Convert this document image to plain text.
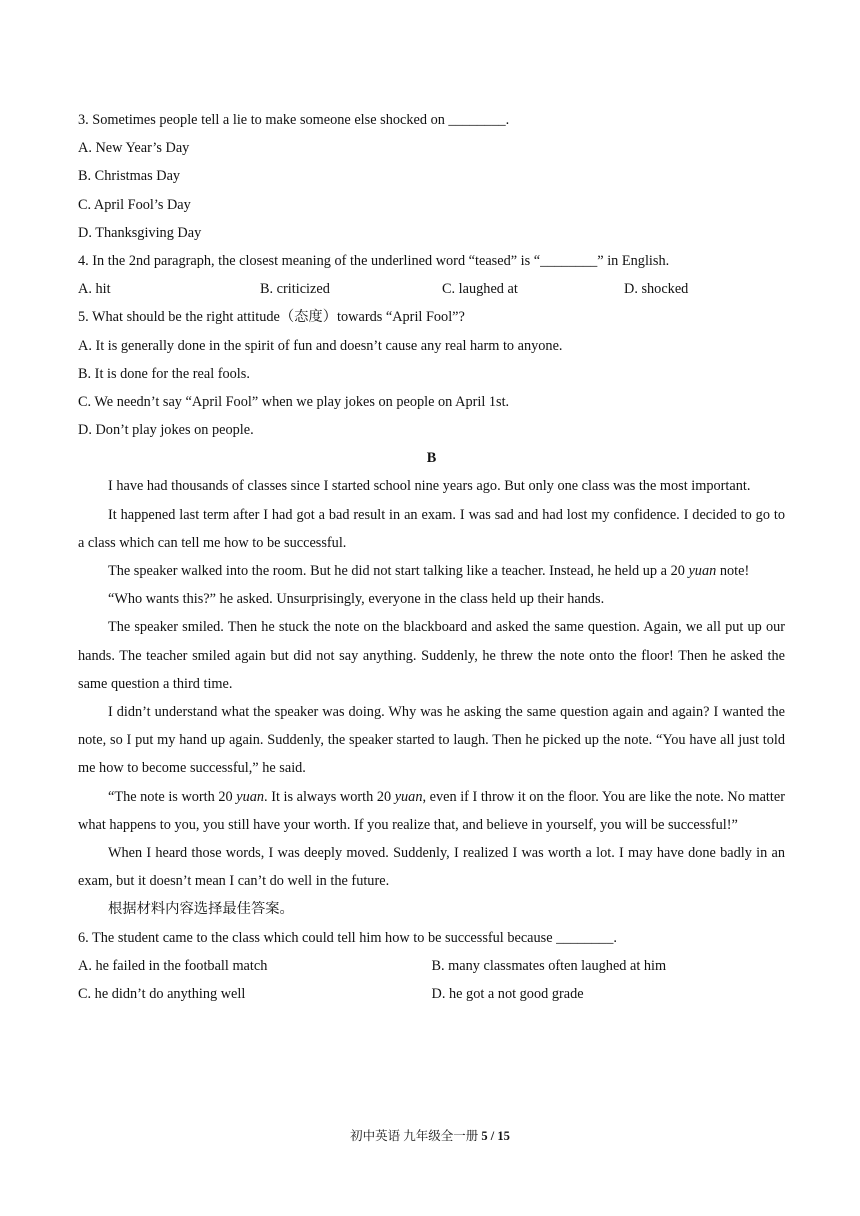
3. Sometimes people tell a lie to make someone else shocked on ________.
A. New Year’s Day
B. Christmas Day
C. April Fool’s Day
D. Thanksgiving Day
4. In the 2nd paragraph, the closest meaning of the underlined word “teased” is “________” in English.
A. hit	B. criticized	C. laughed at	D. shocked
5. What should be the right attitude（态度）towards “April Fool”?
A. It is generally done in the spirit of fun and doesn’t cause any real harm to anyone.
B. It is done for the real fools.
C. We needn’t say “April Fool” when we play jokes on people on April 1st.
D. Don’t play jokes on people.
B

I have had thousands of classes since I started school nine years ago. But only one class was the most important.

It happened last term after I had got a bad result in an exam. I was sad and had lost my confidence. I decided to go to a class which can tell me how to be successful.

The speaker walked into the room. But he did not start talking like a teacher. Instead, he held up a 20 yuan note!

“Who wants this?” he asked. Unsurprisingly, everyone in the class held up their hands.

The speaker smiled. Then he stuck the note on the blackboard and asked the same question. Again, we all put up our hands. The teacher smiled again but did not say anything. Suddenly, he threw the note onto the floor! Then he asked the same question a third time.

I didn’t understand what the speaker was doing. Why was he asking the same question again and again? I wanted the note, so I put my hand up again. Suddenly, the speaker started to laugh. Then he picked up the note. “You have all just told me how to become successful,” he said.

“The note is worth 20 yuan. It is always worth 20 yuan, even if I throw it on the floor. You are like the note. No matter what happens to you, you still have your worth. If you realize that, and believe in yourself, you will be successful!”

When I heard those words, I was deeply moved. Suddenly, I realized I was worth a lot. I may have done badly in an exam, but it doesn’t mean I can’t do well in the future.

根据材料内容选择最佳答案。
6. The student came to the class which could tell him how to be successful because ________.
A. he failed in the football match	B. many classmates often laughed at him
C. he didn’t do anything well	D. he got a not good grade
初中英语 九年级全一册 5 / 15
